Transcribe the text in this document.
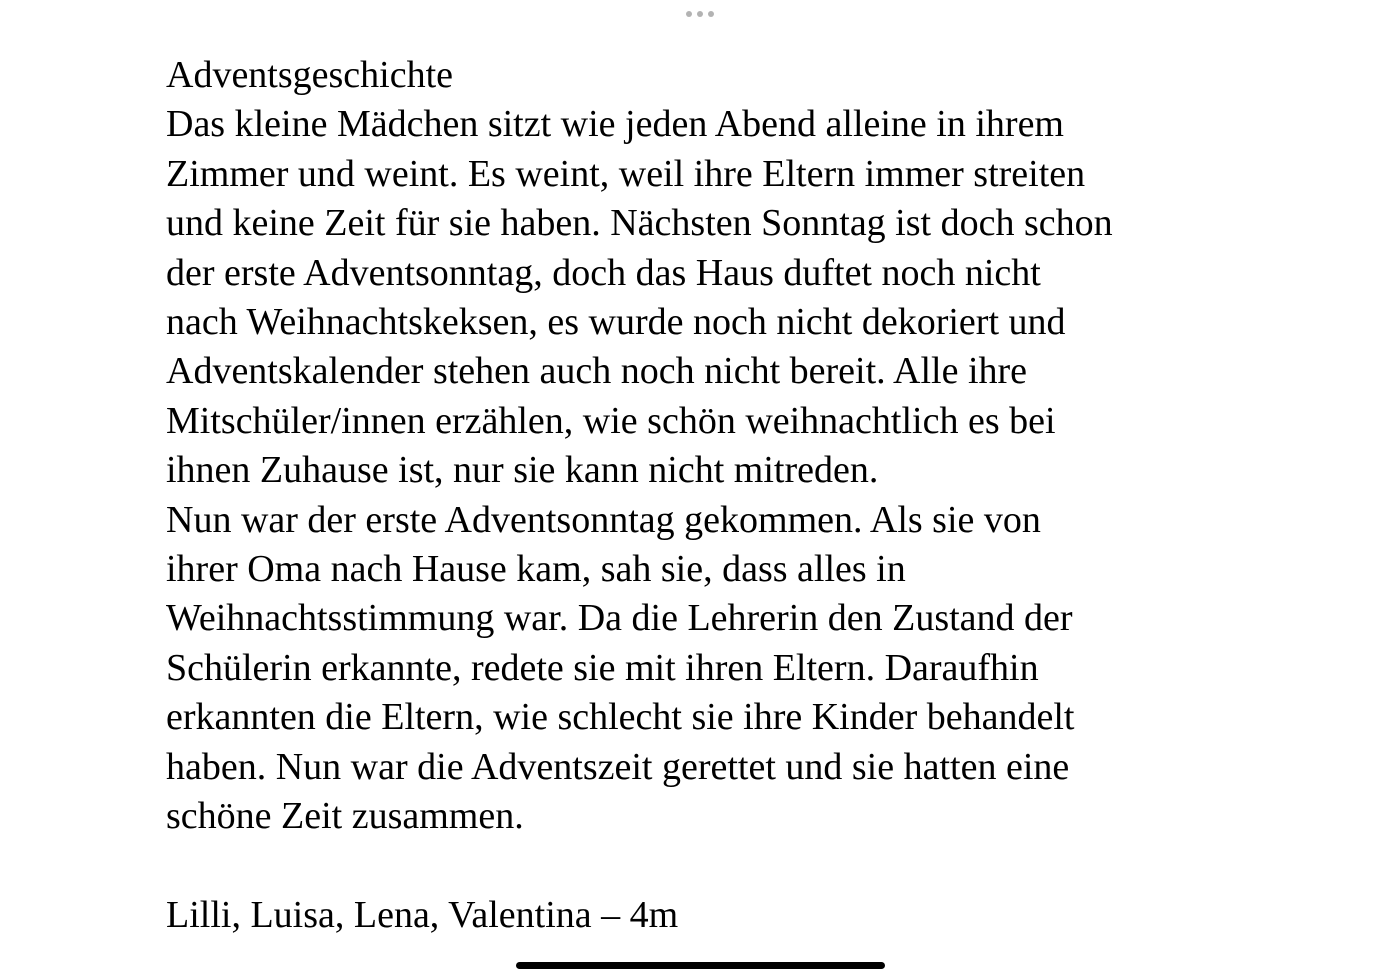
Adventsgeschichte
Das kleine Mädchen sitzt wie jeden Abend alleine in ihrem
Zimmer und weint. Es weint, weil ihre Eltern immer streiten
und keine Zeit für sie haben. Nächsten Sonntag ist doch schon
der erste Adventsonntag, doch das Haus duftet noch nicht
nach Weihnachtskeksen, es wurde noch nicht dekoriert und
Adventskalender stehen auch noch nicht bereit. Alle ihre
Mitschüler/innen erzählen, wie schön weihnachtlich es bei
ihnen Zuhause ist, nur sie kann nicht mitreden.
Nun war der erste Adventsonntag gekommen. Als sie von
ihrer Oma nach Hause kam, sah sie, dass alles in
Weihnachtsstimmung war. Da die Lehrerin den Zustand der
Schülerin erkannte, redete sie mit ihren Eltern. Daraufhin
erkannten die Eltern, wie schlecht sie ihre Kinder behandelt
haben. Nun war die Adventszeit gerettet und sie hatten eine
schöne Zeit zusammen.
Lilli, Luisa, Lena, Valentina – 4m
